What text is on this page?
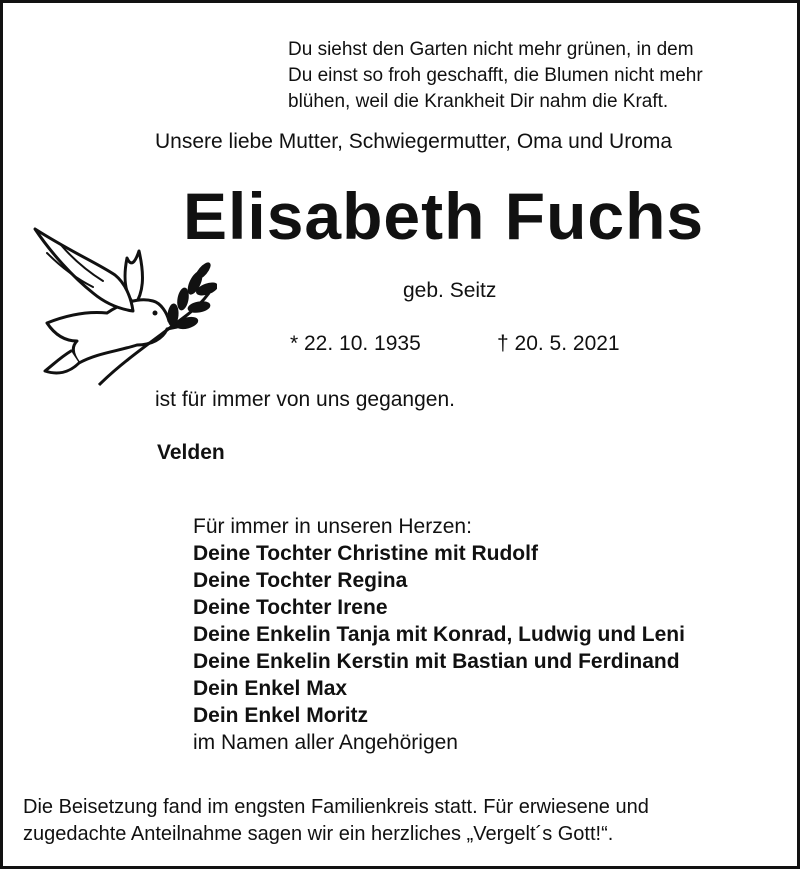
Du siehst den Garten nicht mehr grünen, in dem
Du einst so froh geschafft, die Blumen nicht mehr
blühen, weil die Krankheit Dir nahm die Kraft.
Unsere liebe Mutter, Schwiegermutter, Oma und Uroma
Elisabeth Fuchs
geb. Seitz
* 22. 10. 1935	† 20. 5. 2021
ist für immer von uns gegangen.
Velden
Für immer in unseren Herzen:
Deine Tochter Christine mit Rudolf
Deine Tochter Regina
Deine Tochter Irene
Deine Enkelin Tanja mit Konrad, Ludwig und Leni
Deine Enkelin Kerstin mit Bastian und Ferdinand
Dein Enkel Max
Dein Enkel Moritz
im Namen aller Angehörigen
Die Beisetzung fand im engsten Familienkreis statt. Für erwiesene und
zugedachte Anteilnahme sagen wir ein herzliches „Vergelt´s Gott!“.
